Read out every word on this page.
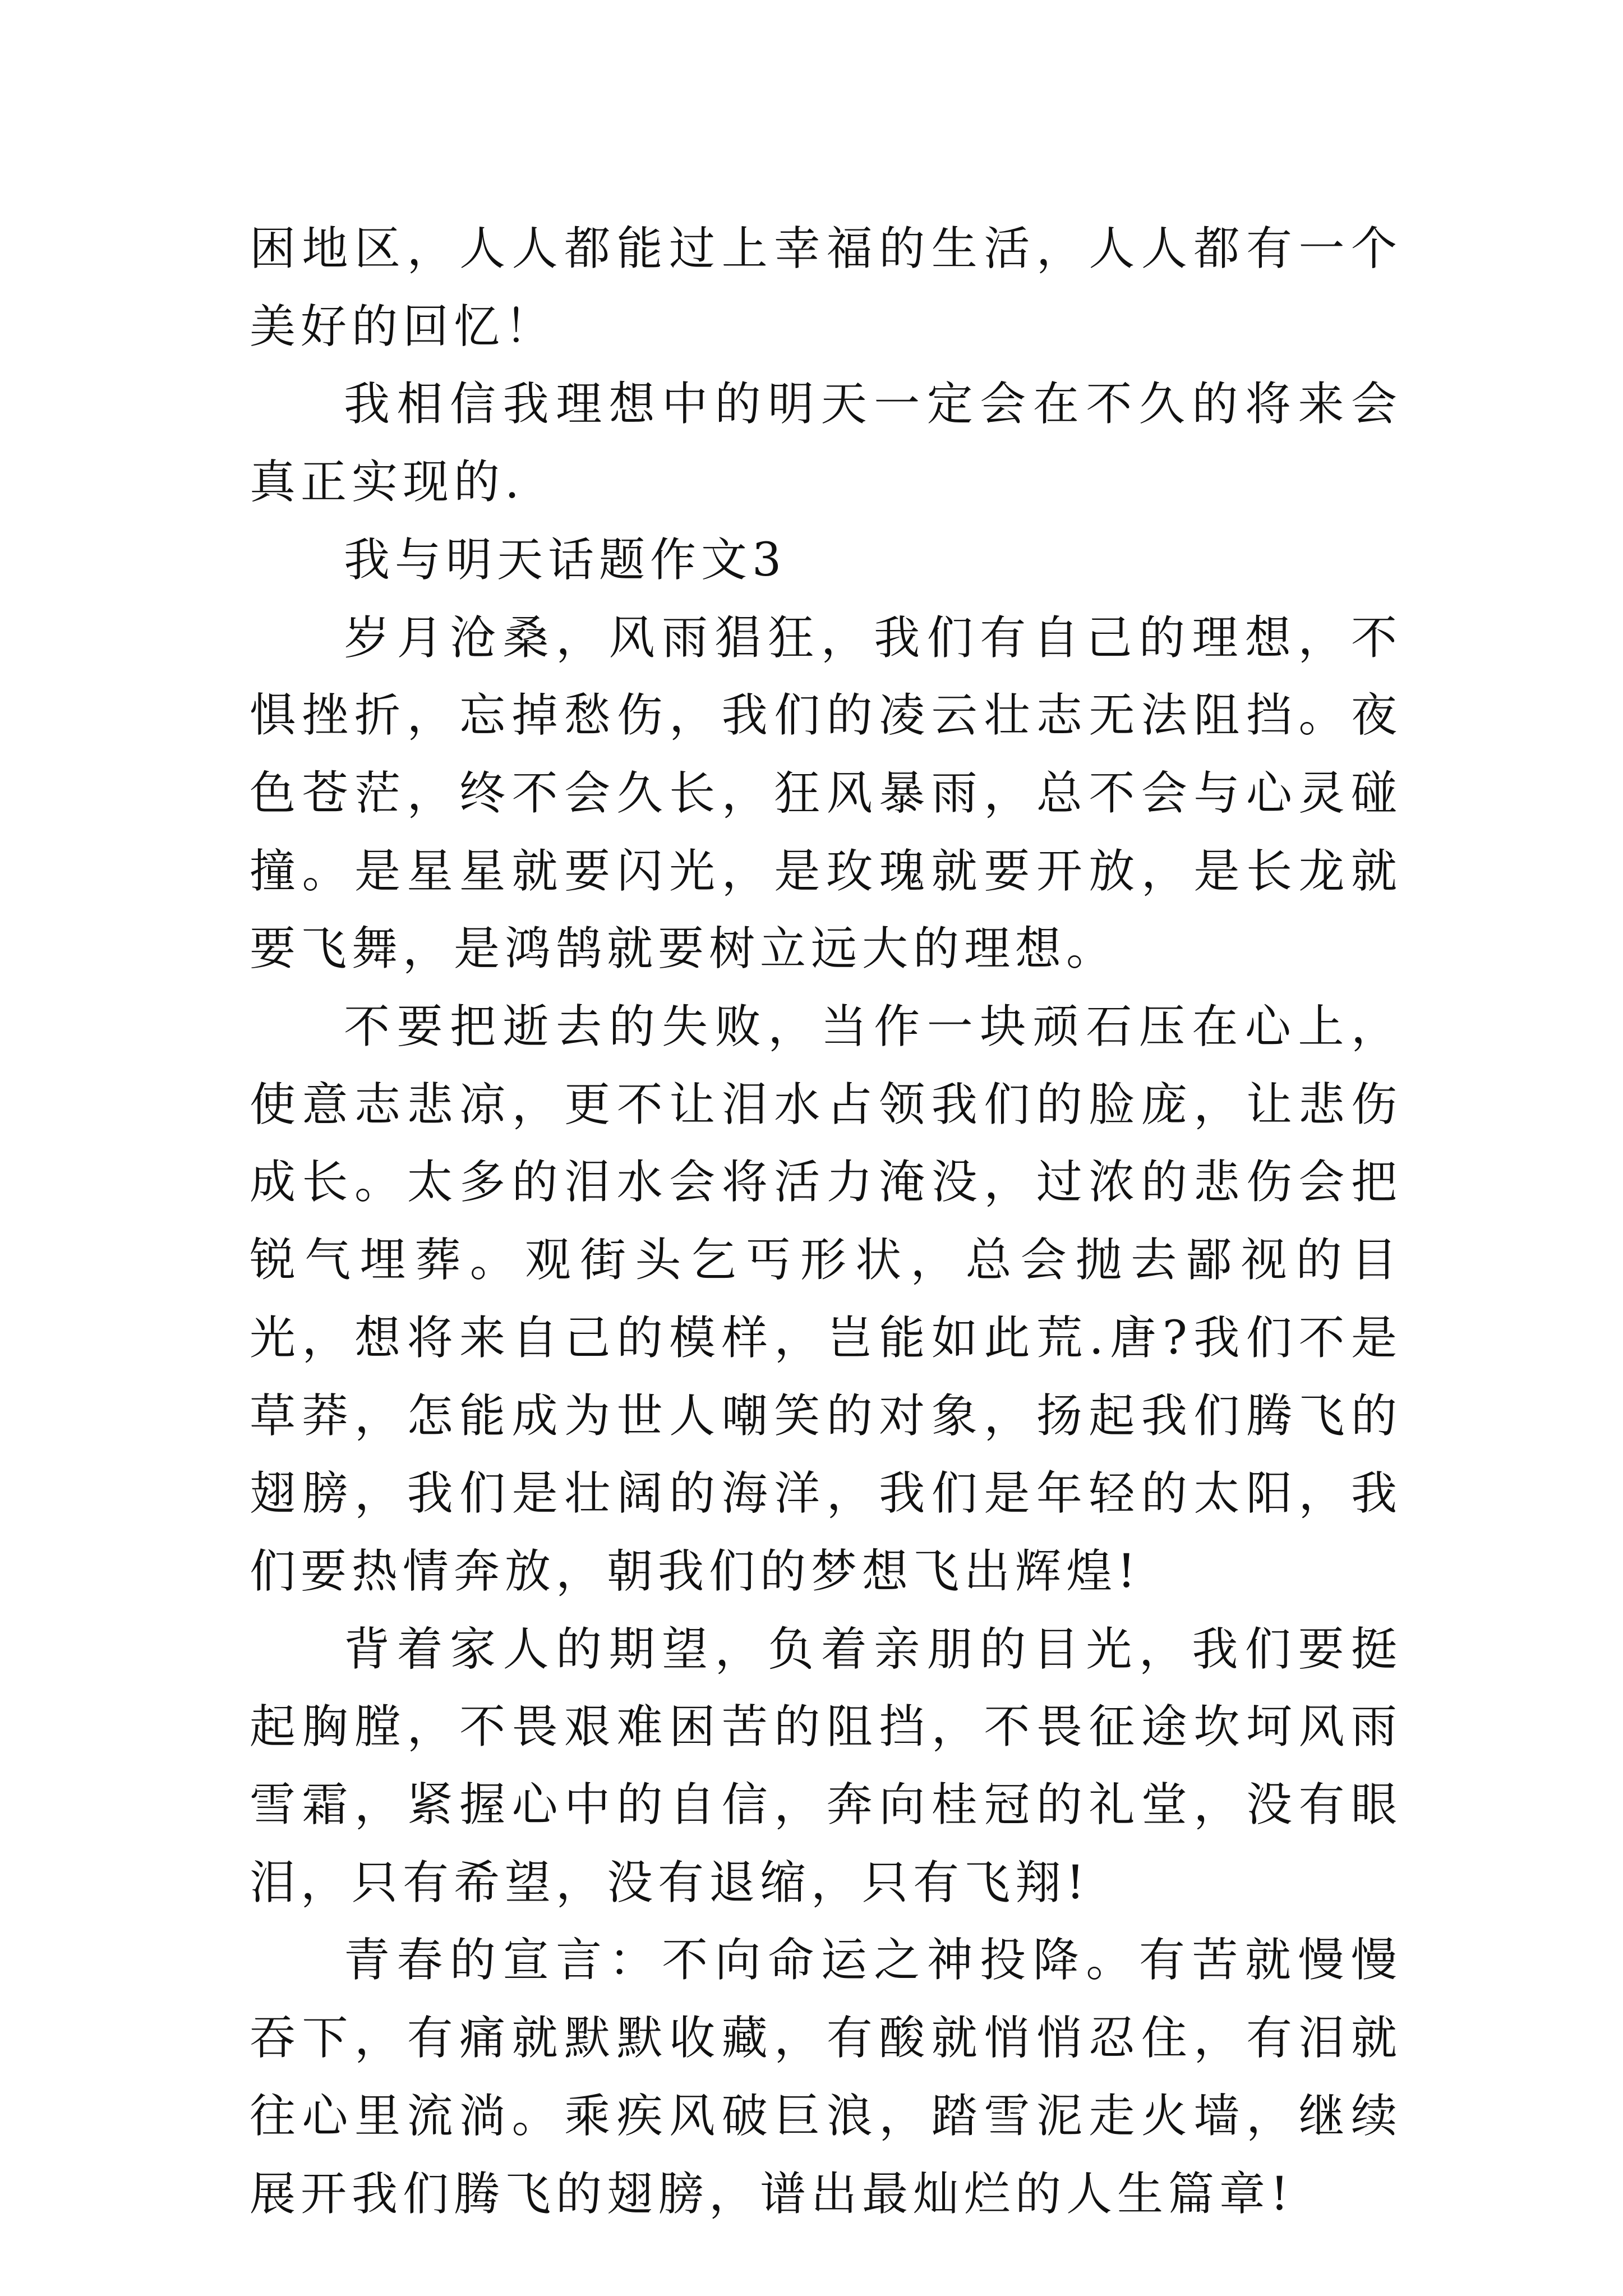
困地区，人人都能过上幸福的生活，人人都有一个美好的回忆！

我相信我理想中的明天一定会在不久的将来会真正实现的.

我与明天话题作文3

岁月沧桑，风雨猖狂，我们有自己的理想，不惧挫折，忘掉愁伤，我们的凌云壮志无法阻挡。夜色苍茫，终不会久长，狂风暴雨，总不会与心灵碰撞。是星星就要闪光，是玫瑰就要开放，是长龙就要飞舞，是鸿鹄就要树立远大的理想。

不要把逝去的失败，当作一块顽石压在心上，使意志悲凉，更不让泪水占领我们的脸庞，让悲伤成长。太多的泪水会将活力淹没，过浓的悲伤会把锐气埋葬。观街头乞丐形状，总会抛去鄙视的目光，想将来自己的模样，岂能如此荒.唐?我们不是草莽，怎能成为世人嘲笑的对象，扬起我们腾飞的翅膀，我们是壮阔的海洋，我们是年轻的太阳，我们要热情奔放，朝我们的梦想飞出辉煌!

背着家人的期望，负着亲朋的目光，我们要挺起胸膛，不畏艰难困苦的阻挡，不畏征途坎坷风雨雪霜，紧握心中的自信，奔向桂冠的礼堂，没有眼泪，只有希望，没有退缩，只有飞翔!

青春的宣言：不向命运之神投降。有苦就慢慢吞下，有痛就默默收藏，有酸就悄悄忍住，有泪就往心里流淌。乘疾风破巨浪，踏雪泥走火墙，继续展开我们腾飞的翅膀，谱出最灿烂的人生篇章!
